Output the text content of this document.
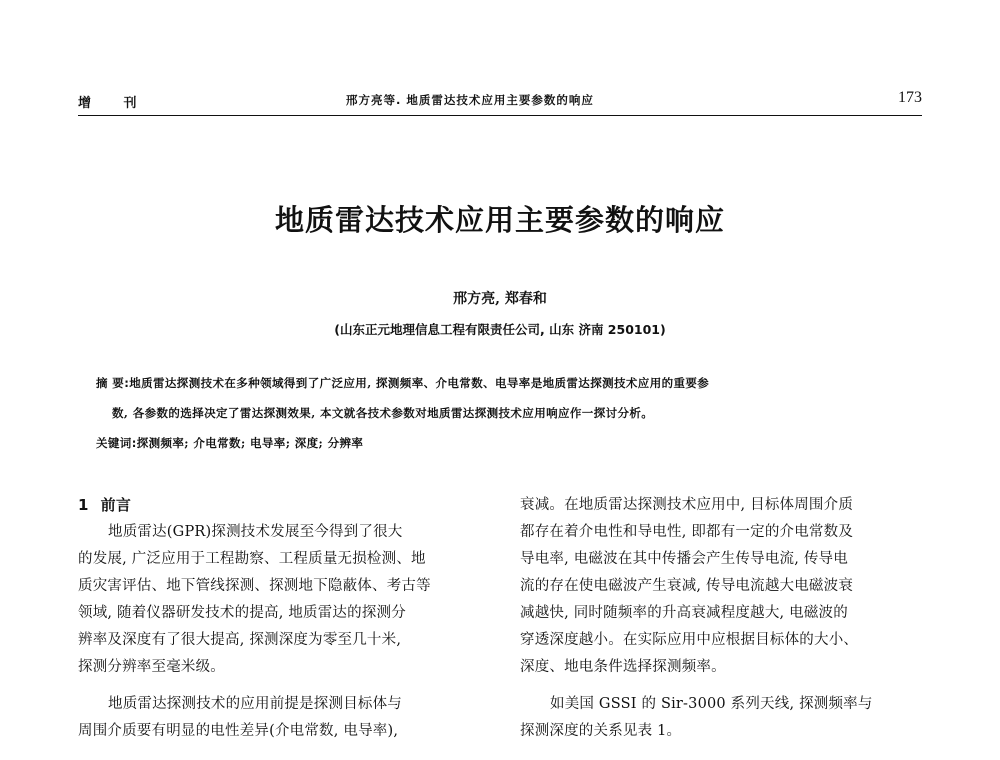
增 刊	邢方亮等. 地质雷达技术应用主要参数的响应	173
地质雷达技术应用主要参数的响应
邢方亮, 郑春和
(山东正元地理信息工程有限责任公司, 山东 济南 250101)
摘 要:地质雷达探测技术在多种领域得到了广泛应用, 探测频率、介电常数、电导率是地质雷达探测技术应用的重要参
数, 各参数的选择决定了雷达探测效果, 本文就各技术参数对地质雷达探测技术应用响应作一探讨分析。
关键词:探测频率; 介电常数; 电导率; 深度; 分辨率
1 前言
地质雷达(GPR)探测技术发展至今得到了很大
的发展, 广泛应用于工程勘察、工程质量无损检测、地
质灾害评估、地下管线探测、探测地下隐蔽体、考古等
领域, 随着仪器研发技术的提高, 地质雷达的探测分
辨率及深度有了很大提高, 探测深度为零至几十米,
探测分辨率至毫米级。
地质雷达探测技术的应用前提是探测目标体与
周围介质要有明显的电性差异(介电常数, 电导率),
衰减。在地质雷达探测技术应用中, 目标体周围介质
都存在着介电性和导电性, 即都有一定的介电常数及
导电率, 电磁波在其中传播会产生传导电流, 传导电
流的存在使电磁波产生衰减, 传导电流越大电磁波衰
减越快, 同时随频率的升高衰减程度越大, 电磁波的
穿透深度越小。在实际应用中应根据目标体的大小、
深度、地电条件选择探测频率。
如美国 GSSI 的 Sir-3000 系列天线, 探测频率与
探测深度的关系见表 1。
